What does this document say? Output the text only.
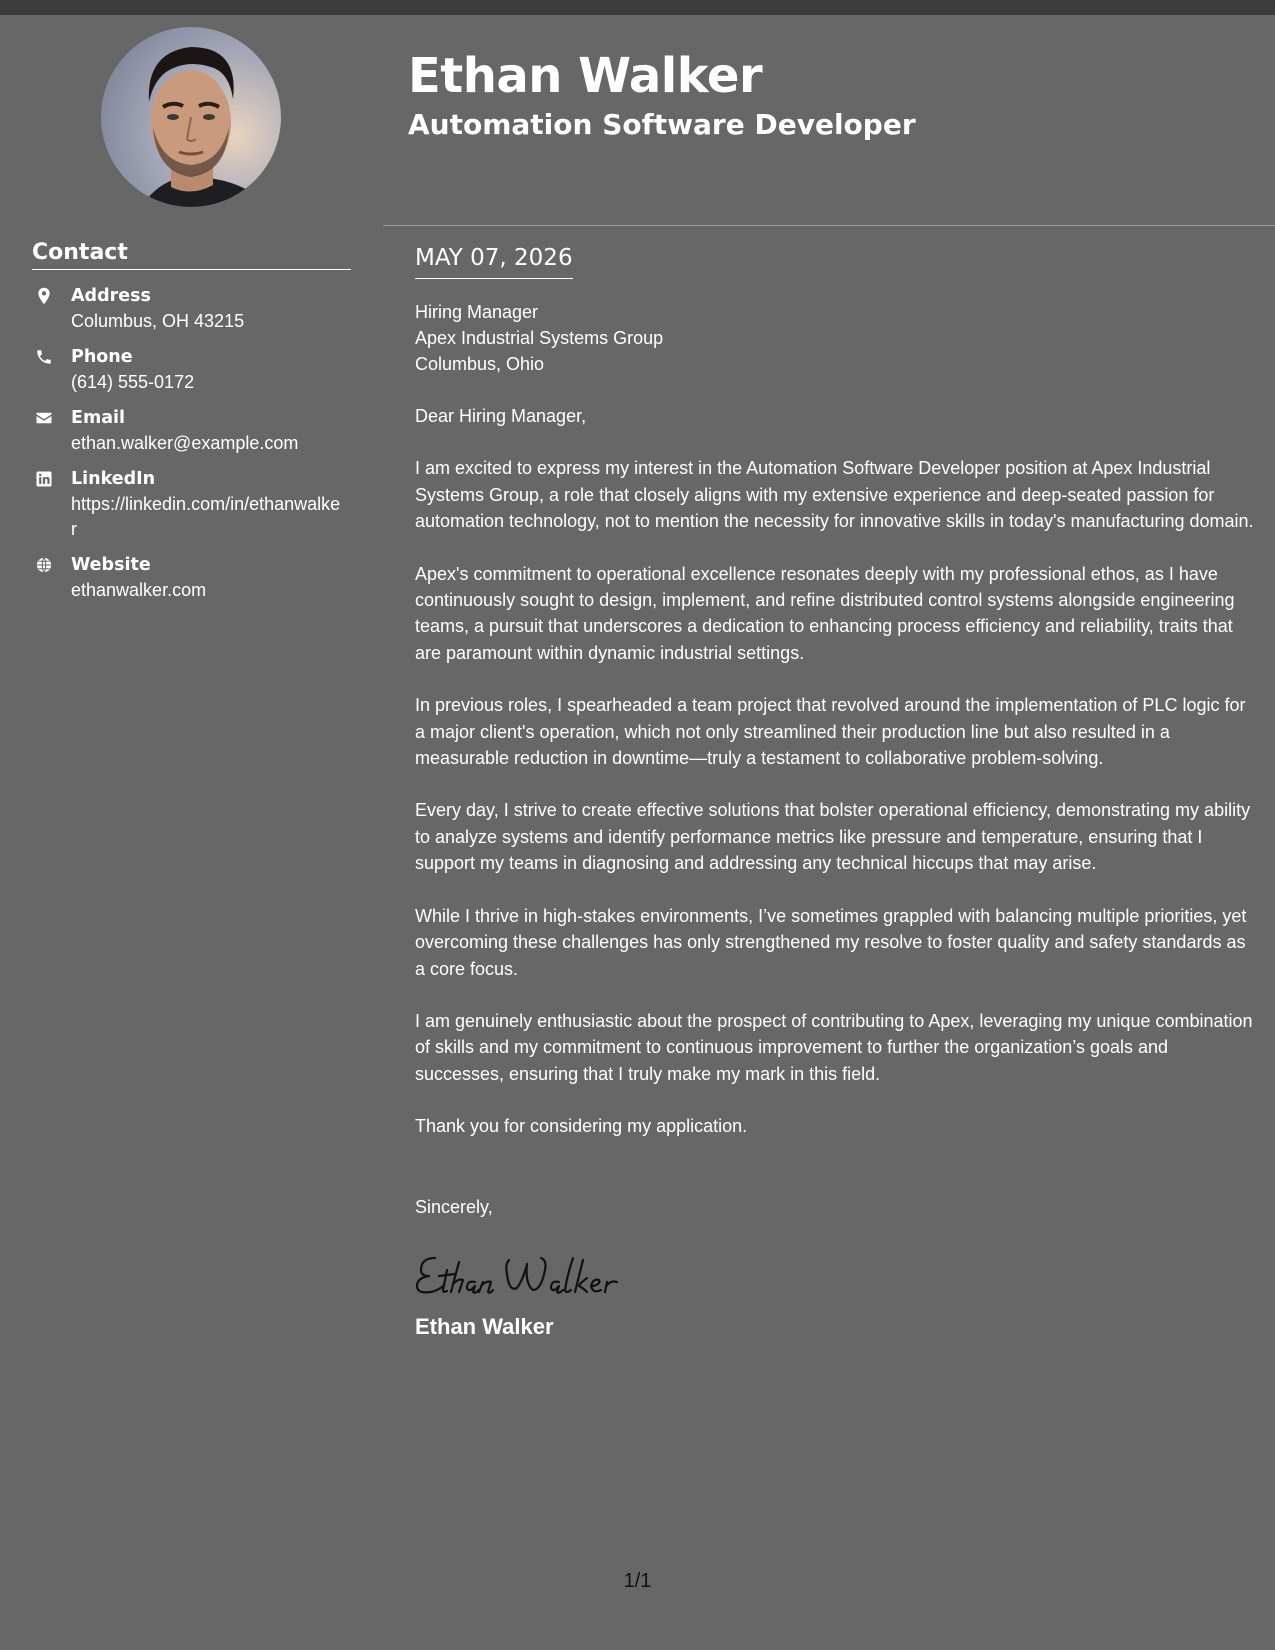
Ethan Walker
Automation Software Developer
Contact
Address
Columbus, OH 43215
Phone
(614) 555-0172
Email
ethan.walker@example.com
LinkedIn
https://linkedin.com/in/ethanwalker
Website
ethanwalker.com
MAY 07, 2026
Hiring Manager
Apex Industrial Systems Group
Columbus, Ohio

Dear Hiring Manager,

I am excited to express my interest in the Automation Software Developer position at Apex Industrial Systems Group, a role that closely aligns with my extensive experience and deep-seated passion for automation technology, not to mention the necessity for innovative skills in today's manufacturing domain.

Apex's commitment to operational excellence resonates deeply with my professional ethos, as I have continuously sought to design, implement, and refine distributed control systems alongside engineering teams, a pursuit that underscores a dedication to enhancing process efficiency and reliability, traits that are paramount within dynamic industrial settings.

In previous roles, I spearheaded a team project that revolved around the implementation of PLC logic for a major client's operation, which not only streamlined their production line but also resulted in a measurable reduction in downtime—truly a testament to collaborative problem-solving.

Every day, I strive to create effective solutions that bolster operational efficiency, demonstrating my ability to analyze systems and identify performance metrics like pressure and temperature, ensuring that I support my teams in diagnosing and addressing any technical hiccups that may arise.

While I thrive in high-stakes environments, I’ve sometimes grappled with balancing multiple priorities, yet overcoming these challenges has only strengthened my resolve to foster quality and safety standards as a core focus.

I am genuinely enthusiastic about the prospect of contributing to Apex, leveraging my unique combination of skills and my commitment to continuous improvement to further the organization’s goals and successes, ensuring that I truly make my mark in this field.

Thank you for considering my application.

Sincerely,

Ethan Walker

1/1
